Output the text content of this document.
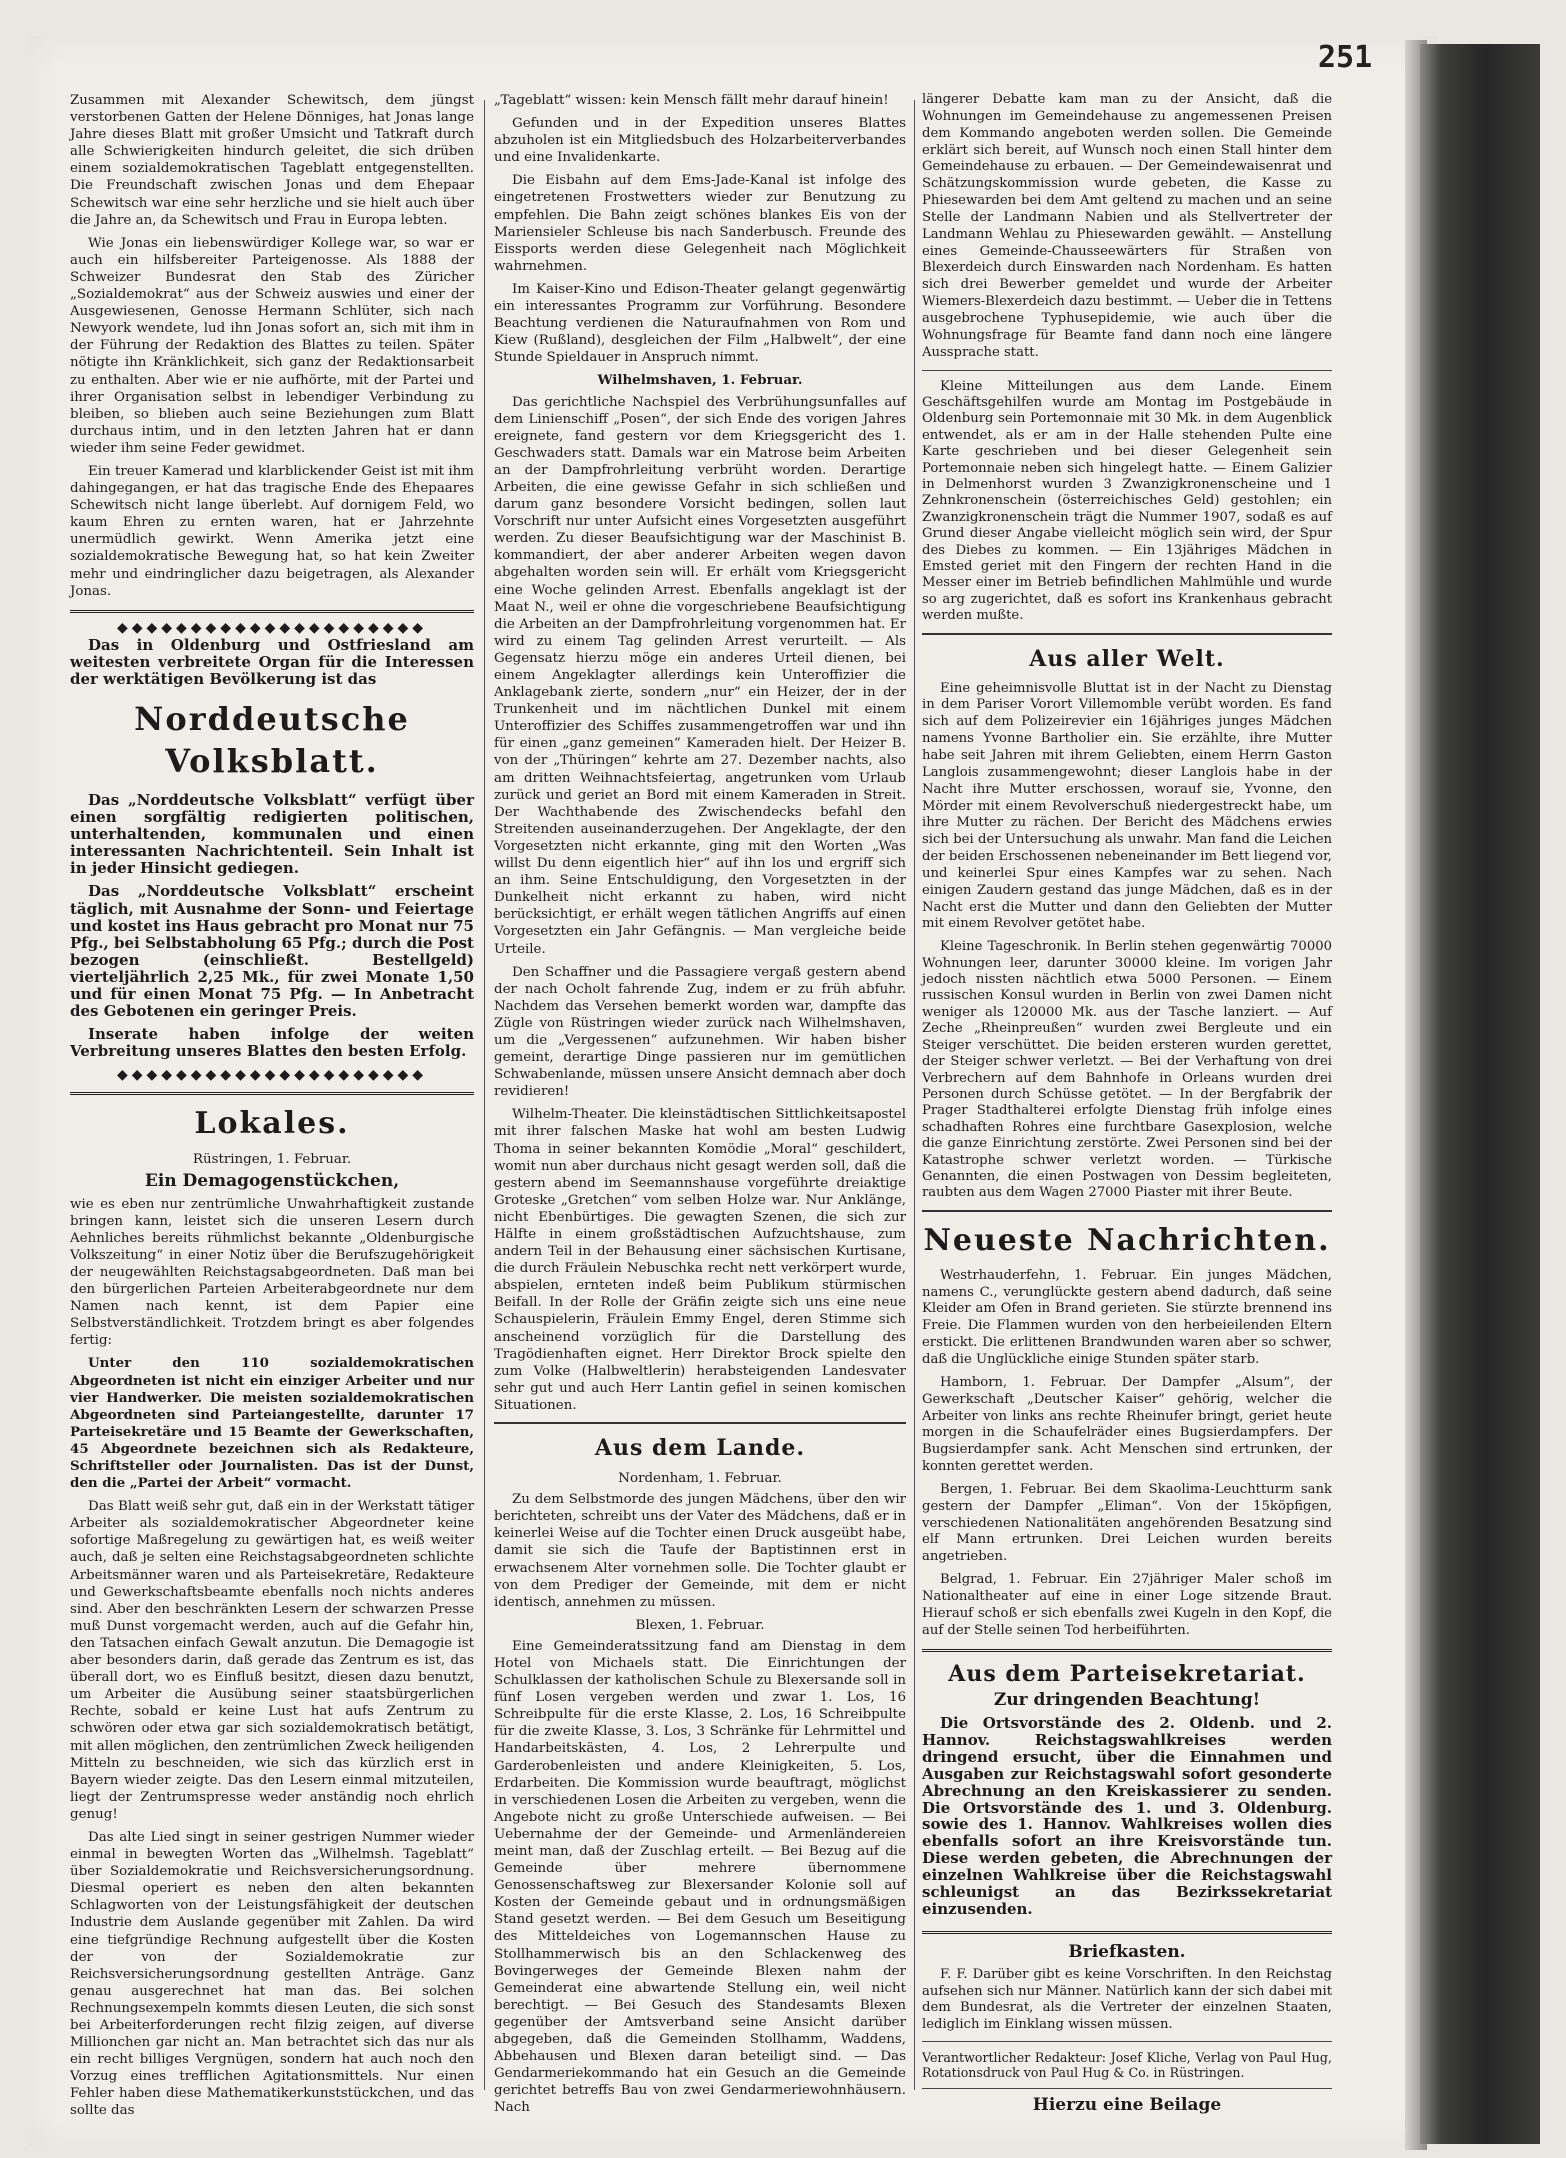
251

Zusammen mit Alexander Schewitsch, dem jüngst verstorbenen Gatten der Helene Dönniges, hat Jonas lange Jahre dieses Blatt mit großer Umsicht und Tatkraft durch alle Schwierigkeiten hindurch geleitet, die sich drüben einem sozialdemokratischen Tageblatt entgegenstellten. Die Freundschaft zwischen Jonas und dem Ehepaar Schewitsch war eine sehr herzliche und sie hielt auch über die Jahre an, da Schewitsch und Frau in Europa lebten.

Wie Jonas ein liebenswürdiger Kollege war, so war er auch ein hilfsbereiter Parteigenosse. Als 1888 der Schweizer Bundesrat den Stab des Züricher „Sozialdemokrat“ aus der Schweiz auswies und einer der Ausgewiesenen, Genosse Hermann Schlüter, sich nach Newyork wendete, lud ihn Jonas sofort an, sich mit ihm in der Führung der Redaktion des Blattes zu teilen. Später nötigte ihn Kränklichkeit, sich ganz der Redaktionsarbeit zu enthalten. Aber wie er nie aufhörte, mit der Partei und ihrer Organisation selbst in lebendiger Verbindung zu bleiben, so blieben auch seine Beziehungen zum Blatt durchaus intim, und in den letzten Jahren hat er dann wieder ihm seine Feder gewidmet.

Ein treuer Kamerad und klarblickender Geist ist mit ihm dahingegangen, er hat das tragische Ende des Ehepaares Schewitsch nicht lange überlebt. Auf dornigem Feld, wo kaum Ehren zu ernten waren, hat er Jahrzehnte unermüdlich gewirkt. Wenn Amerika jetzt eine sozialdemokratische Bewegung hat, so hat kein Zweiter mehr und eindringlicher dazu beigetragen, als Alexander Jonas.

◆◆◆◆◆◆◆◆◆◆◆◆◆◆◆◆◆◆◆◆◆

Das in Oldenburg und Ostfriesland am weitesten verbreitete Organ für die Interessen der werktätigen Bevölkerung ist das

Norddeutsche Volksblatt.

Das „Norddeutsche Volksblatt“ verfügt über einen sorgfältig redigierten politischen, unterhaltenden, kommunalen und einen interessanten Nachrichtenteil. Sein Inhalt ist in jeder Hinsicht gediegen.

Das „Norddeutsche Volksblatt“ erscheint täglich, mit Ausnahme der Sonn- und Feiertage und kostet ins Haus gebracht pro Monat nur 75 Pfg., bei Selbstabholung 65 Pfg.; durch die Post bezogen (einschließt. Bestellgeld) vierteljährlich 2,25 Mk., für zwei Monate 1,50 und für einen Monat 75 Pfg. — In Anbetracht des Gebotenen ein geringer Preis.

Inserate haben infolge der weiten Verbreitung unseres Blattes den besten Erfolg.

◆◆◆◆◆◆◆◆◆◆◆◆◆◆◆◆◆◆◆◆◆
Lokales.
Rüstringen, 1. Februar.
Ein Demagogenstückchen,

wie es eben nur zentrümliche Unwahrhaftigkeit zustande bringen kann, leistet sich die unseren Lesern durch Aehnliches bereits rühmlichst bekannte „Oldenburgische Volkszeitung“ in einer Notiz über die Berufszugehörigkeit der neugewählten Reichstagsabgeordneten. Daß man bei den bürgerlichen Parteien Arbeiterabgeordnete nur dem Namen nach kennt, ist dem Papier eine Selbstverständlichkeit. Trotzdem bringt es aber folgendes fertig:

Unter den 110 sozialdemokratischen Abgeordneten ist nicht ein einziger Arbeiter und nur vier Handwerker. Die meisten sozialdemokratischen Abgeordneten sind Parteiangestellte, darunter 17 Parteisekretäre und 15 Beamte der Gewerkschaften, 45 Abgeordnete bezeichnen sich als Redakteure, Schriftsteller oder Journalisten. Das ist der Dunst, den die „Partei der Arbeit“ vormacht.

Das Blatt weiß sehr gut, daß ein in der Werkstatt tätiger Arbeiter als sozialdemokratischer Abgeordneter keine sofortige Maßregelung zu gewärtigen hat, es weiß weiter auch, daß je selten eine Reichstagsabgeordneten schlichte Arbeitsmänner waren und als Parteisekretäre, Redakteure und Gewerkschaftsbeamte ebenfalls noch nichts anderes sind. Aber den beschränkten Lesern der schwarzen Presse muß Dunst vorgemacht werden, auch auf die Gefahr hin, den Tatsachen einfach Gewalt anzutun. Die Demagogie ist aber besonders darin, daß gerade das Zentrum es ist, das überall dort, wo es Einfluß besitzt, diesen dazu benutzt, um Arbeiter die Ausübung seiner staatsbürgerlichen Rechte, sobald er keine Lust hat aufs Zentrum zu schwören oder etwa gar sich sozialdemokratisch betätigt, mit allen möglichen, den zentrümlichen Zweck heiligenden Mitteln zu beschneiden, wie sich das kürzlich erst in Bayern wieder zeigte. Das den Lesern einmal mitzuteilen, liegt der Zentrumspresse weder anständig noch ehrlich genug!

Das alte Lied singt in seiner gestrigen Nummer wieder einmal in bewegten Worten das „Wilhelmsh. Tageblatt“ über Sozialdemokratie und Reichsversicherungsordnung. Diesmal operiert es neben den alten bekannten Schlagworten von der Leistungsfähigkeit der deutschen Industrie dem Auslande gegenüber mit Zahlen. Da wird eine tiefgründige Rechnung aufgestellt über die Kosten der von der Sozialdemokratie zur Reichsversicherungsordnung gestellten Anträge. Ganz genau ausgerechnet hat man das. Bei solchen Rechnungsexempeln kommts diesen Leuten, die sich sonst bei Arbeiterforderungen recht filzig zeigen, auf diverse Millionchen gar nicht an. Man betrachtet sich das nur als ein recht billiges Vergnügen, sondern hat auch noch den Vorzug eines trefflichen Agitationsmittels. Nur einen Fehler haben diese Mathematikerkunststückchen, und das sollte das

„Tageblatt“ wissen: kein Mensch fällt mehr darauf hinein!

Gefunden und in der Expedition unseres Blattes abzuholen ist ein Mitgliedsbuch des Holzarbeiterverbandes und eine Invalidenkarte.

Die Eisbahn auf dem Ems-Jade-Kanal ist infolge des eingetretenen Frostwetters wieder zur Benutzung zu empfehlen. Die Bahn zeigt schönes blankes Eis von der Mariensieler Schleuse bis nach Sanderbusch. Freunde des Eissports werden diese Gelegenheit nach Möglichkeit wahrnehmen.

Im Kaiser-Kino und Edison-Theater gelangt gegenwärtig ein interessantes Programm zur Vorführung. Besondere Beachtung verdienen die Naturaufnahmen von Rom und Kiew (Rußland), desgleichen der Film „Halbwelt“, der eine Stunde Spieldauer in Anspruch nimmt.

Wilhelmshaven, 1. Februar.

Das gerichtliche Nachspiel des Verbrühungsunfalles auf dem Linienschiff „Posen“, der sich Ende des vorigen Jahres ereignete, fand gestern vor dem Kriegsgericht des 1. Geschwaders statt. Damals war ein Matrose beim Arbeiten an der Dampfrohrleitung verbrüht worden. Derartige Arbeiten, die eine gewisse Gefahr in sich schließen und darum ganz besondere Vorsicht bedingen, sollen laut Vorschrift nur unter Aufsicht eines Vorgesetzten ausgeführt werden. Zu dieser Beaufsichtigung war der Maschinist B. kommandiert, der aber anderer Arbeiten wegen davon abgehalten worden sein will. Er erhält vom Kriegsgericht eine Woche gelinden Arrest. Ebenfalls angeklagt ist der Maat N., weil er ohne die vorgeschriebene Beaufsichtigung die Arbeiten an der Dampfrohrleitung vorgenommen hat. Er wird zu einem Tag gelinden Arrest verurteilt. — Als Gegensatz hierzu möge ein anderes Urteil dienen, bei einem Angeklagter allerdings kein Unteroffizier die Anklagebank zierte, sondern „nur“ ein Heizer, der in der Trunkenheit und im nächtlichen Dunkel mit einem Unteroffizier des Schiffes zusammengetroffen war und ihn für einen „ganz gemeinen“ Kameraden hielt. Der Heizer B. von der „Thüringen“ kehrte am 27. Dezember nachts, also am dritten Weihnachtsfeiertag, angetrunken vom Urlaub zurück und geriet an Bord mit einem Kameraden in Streit. Der Wachthabende des Zwischendecks befahl den Streitenden auseinanderzugehen. Der Angeklagte, der den Vorgesetzten nicht erkannte, ging mit den Worten „Was willst Du denn eigentlich hier“ auf ihn los und ergriff sich an ihm. Seine Entschuldigung, den Vorgesetzten in der Dunkelheit nicht erkannt zu haben, wird nicht berücksichtigt, er erhält wegen tätlichen Angriffs auf einen Vorgesetzten ein Jahr Gefängnis. — Man vergleiche beide Urteile.

Den Schaffner und die Passagiere vergaß gestern abend der nach Ocholt fahrende Zug, indem er zu früh abfuhr. Nachdem das Versehen bemerkt worden war, dampfte das Zügle von Rüstringen wieder zurück nach Wilhelmshaven, um die „Vergessenen“ aufzunehmen. Wir haben bisher gemeint, derartige Dinge passieren nur im gemütlichen Schwabenlande, müssen unsere Ansicht demnach aber doch revidieren!

Wilhelm-Theater. Die kleinstädtischen Sittlichkeitsapostel mit ihrer falschen Maske hat wohl am besten Ludwig Thoma in seiner bekannten Komödie „Moral“ geschildert, womit nun aber durchaus nicht gesagt werden soll, daß die gestern abend im Seemannshause vorgeführte dreiaktige Groteske „Gretchen“ vom selben Holze war. Nur Anklänge, nicht Ebenbürtiges. Die gewagten Szenen, die sich zur Hälfte in einem großstädtischen Aufzuchtshause, zum andern Teil in der Behausung einer sächsischen Kurtisane, die durch Fräulein Nebuschka recht nett verkörpert wurde, abspielen, ernteten indeß beim Publikum stürmischen Beifall. In der Rolle der Gräfin zeigte sich uns eine neue Schauspielerin, Fräulein Emmy Engel, deren Stimme sich anscheinend vorzüglich für die Darstellung des Tragödienhaften eignet. Herr Direktor Brock spielte den zum Volke (Halbweltlerin) herabsteigenden Landesvater sehr gut und auch Herr Lantin gefiel in seinen komischen Situationen.

Aus dem Lande.
Nordenham, 1. Februar.

Zu dem Selbstmorde des jungen Mädchens, über den wir berichteten, schreibt uns der Vater des Mädchens, daß er in keinerlei Weise auf die Tochter einen Druck ausgeübt habe, damit sie sich die Taufe der Baptistinnen erst in erwachsenem Alter vornehmen solle. Die Tochter glaubt er von dem Prediger der Gemeinde, mit dem er nicht identisch, annehmen zu müssen.

Blexen, 1. Februar.

Eine Gemeinderatssitzung fand am Dienstag in dem Hotel von Michaels statt. Die Einrichtungen der Schulklassen der katholischen Schule zu Blexersande soll in fünf Losen vergeben werden und zwar 1. Los, 16 Schreibpulte für die erste Klasse, 2. Los, 16 Schreibpulte für die zweite Klasse, 3. Los, 3 Schränke für Lehrmittel und Handarbeitskästen, 4. Los, 2 Lehrerpulte und Garderobenleisten und andere Kleinigkeiten, 5. Los, Erdarbeiten. Die Kommission wurde beauftragt, möglichst in verschiedenen Losen die Arbeiten zu vergeben, wenn die Angebote nicht zu große Unterschiede aufweisen. — Bei Uebernahme der der Gemeinde- und Armenländereien meint man, daß der Zuschlag erteilt. — Bei Bezug auf die Gemeinde über mehrere übernommene Genossenschaftsweg zur Blexersander Kolonie soll auf Kosten der Gemeinde gebaut und in ordnungsmäßigen Stand gesetzt werden. — Bei dem Gesuch um Beseitigung des Mitteldeiches von Logemannschen Hause zu Stollhammerwisch bis an den Schlackenweg des Bovingerweges der Gemeinde Blexen nahm der Gemeinderat eine abwartende Stellung ein, weil nicht berechtigt. — Bei Gesuch des Standesamts Blexen gegenüber der Amtsverband seine Ansicht darüber abgegeben, daß die Gemeinden Stollhamm, Waddens, Abbehausen und Blexen daran beteiligt sind. — Das Gendarmeriekommando hat ein Gesuch an die Gemeinde gerichtet betreffs Bau von zwei Gendarmeriewohnhäusern. Nach

längerer Debatte kam man zu der Ansicht, daß die Wohnungen im Gemeindehause zu angemessenen Preisen dem Kommando angeboten werden sollen. Die Gemeinde erklärt sich bereit, auf Wunsch noch einen Stall hinter dem Gemeindehause zu erbauen. — Der Gemeindewaisenrat und Schätzungskommission wurde gebeten, die Kasse zu Phiesewarden bei dem Amt geltend zu machen und an seine Stelle der Landmann Nabien und als Stellvertreter der Landmann Wehlau zu Phiesewarden gewählt. — Anstellung eines Gemeinde-Chausseewärters für Straßen von Blexerdeich durch Einswarden nach Nordenham. Es hatten sich drei Bewerber gemeldet und wurde der Arbeiter Wiemers-Blexerdeich dazu bestimmt. — Ueber die in Tettens ausgebrochene Typhusepidemie, wie auch über die Wohnungsfrage für Beamte fand dann noch eine längere Aussprache statt.

Kleine Mitteilungen aus dem Lande. Einem Geschäftsgehilfen wurde am Montag im Postgebäude in Oldenburg sein Portemonnaie mit 30 Mk. in dem Augenblick entwendet, als er am in der Halle stehenden Pulte eine Karte geschrieben und bei dieser Gelegenheit sein Portemonnaie neben sich hingelegt hatte. — Einem Galizier in Delmenhorst wurden 3 Zwanzigkronenscheine und 1 Zehnkronenschein (österreichisches Geld) gestohlen; ein Zwanzigkronenschein trägt die Nummer 1907, sodaß es auf Grund dieser Angabe vielleicht möglich sein wird, der Spur des Diebes zu kommen. — Ein 13jähriges Mädchen in Emsted geriet mit den Fingern der rechten Hand in die Messer einer im Betrieb befindlichen Mahlmühle und wurde so arg zugerichtet, daß es sofort ins Krankenhaus gebracht werden mußte.

Aus aller Welt.

Eine geheimnisvolle Bluttat ist in der Nacht zu Dienstag in dem Pariser Vorort Villemomble verübt worden. Es fand sich auf dem Polizeirevier ein 16jähriges junges Mädchen namens Yvonne Bartholier ein. Sie erzählte, ihre Mutter habe seit Jahren mit ihrem Geliebten, einem Herrn Gaston Langlois zusammengewohnt; dieser Langlois habe in der Nacht ihre Mutter erschossen, worauf sie, Yvonne, den Mörder mit einem Revolverschuß niedergestreckt habe, um ihre Mutter zu rächen. Der Bericht des Mädchens erwies sich bei der Untersuchung als unwahr. Man fand die Leichen der beiden Erschossenen nebeneinander im Bett liegend vor, und keinerlei Spur eines Kampfes war zu sehen. Nach einigen Zaudern gestand das junge Mädchen, daß es in der Nacht erst die Mutter und dann den Geliebten der Mutter mit einem Revolver getötet habe.

Kleine Tageschronik. In Berlin stehen gegenwärtig 70000 Wohnungen leer, darunter 30000 kleine. Im vorigen Jahr jedoch nissten nächtlich etwa 5000 Personen. — Einem russischen Konsul wurden in Berlin von zwei Damen nicht weniger als 120000 Mk. aus der Tasche lanziert. — Auf Zeche „Rheinpreußen“ wurden zwei Bergleute und ein Steiger verschüttet. Die beiden ersteren wurden gerettet, der Steiger schwer verletzt. — Bei der Verhaftung von drei Verbrechern auf dem Bahnhofe in Orleans wurden drei Personen durch Schüsse getötet. — In der Bergfabrik der Prager Stadthalterei erfolgte Dienstag früh infolge eines schadhaften Rohres eine furchtbare Gasexplosion, welche die ganze Einrichtung zerstörte. Zwei Personen sind bei der Katastrophe schwer verletzt worden. — Türkische Genannten, die einen Postwagen von Dessim begleiteten, raubten aus dem Wagen 27000 Piaster mit ihrer Beute.

Neueste Nachrichten.

Westrhauderfehn, 1. Februar. Ein junges Mädchen, namens C., verunglückte gestern abend dadurch, daß seine Kleider am Ofen in Brand gerieten. Sie stürzte brennend ins Freie. Die Flammen wurden von den herbeieilenden Eltern erstickt. Die erlittenen Brandwunden waren aber so schwer, daß die Unglückliche einige Stunden später starb.

Hamborn, 1. Februar. Der Dampfer „Alsum“, der Gewerkschaft „Deutscher Kaiser“ gehörig, welcher die Arbeiter von links ans rechte Rheinufer bringt, geriet heute morgen in die Schaufelräder eines Bugsierdampfers. Der Bugsierdampfer sank. Acht Menschen sind ertrunken, der konnten gerettet werden.

Bergen, 1. Februar. Bei dem Skaolima-Leuchtturm sank gestern der Dampfer „Eliman“. Von der 15köpfigen, verschiedenen Nationalitäten angehörenden Besatzung sind elf Mann ertrunken. Drei Leichen wurden bereits angetrieben.

Belgrad, 1. Februar. Ein 27jähriger Maler schoß im Nationaltheater auf eine in einer Loge sitzende Braut. Hierauf schoß er sich ebenfalls zwei Kugeln in den Kopf, die auf der Stelle seinen Tod herbeiführten.

Aus dem Parteisekretariat.
Zur dringenden Beachtung!

Die Ortsvorstände des 2. Oldenb. und 2. Hannov. Reichstagswahlkreises werden dringend ersucht, über die Einnahmen und Ausgaben zur Reichstagswahl sofort gesonderte Abrechnung an den Kreiskassierer zu senden. Die Ortsvorstände des 1. und 3. Oldenburg. sowie des 1. Hannov. Wahlkreises wollen dies ebenfalls sofort an ihre Kreisvorstände tun. Diese werden gebeten, die Abrechnungen der einzelnen Wahlkreise über die Reichstagswahl schleunigst an das Bezirkssekretariat einzusenden.

Briefkasten.

F. F. Darüber gibt es keine Vorschriften. In den Reichstag aufsehen sich nur Männer. Natürlich kann der sich dabei mit dem Bundesrat, als die Vertreter der einzelnen Staaten, lediglich im Einklang wissen müssen.

Verantwortlicher Redakteur: Josef Kliche, Verlag von Paul Hug, Rotationsdruck von Paul Hug & Co. in Rüstringen.
Hierzu eine Beilage
